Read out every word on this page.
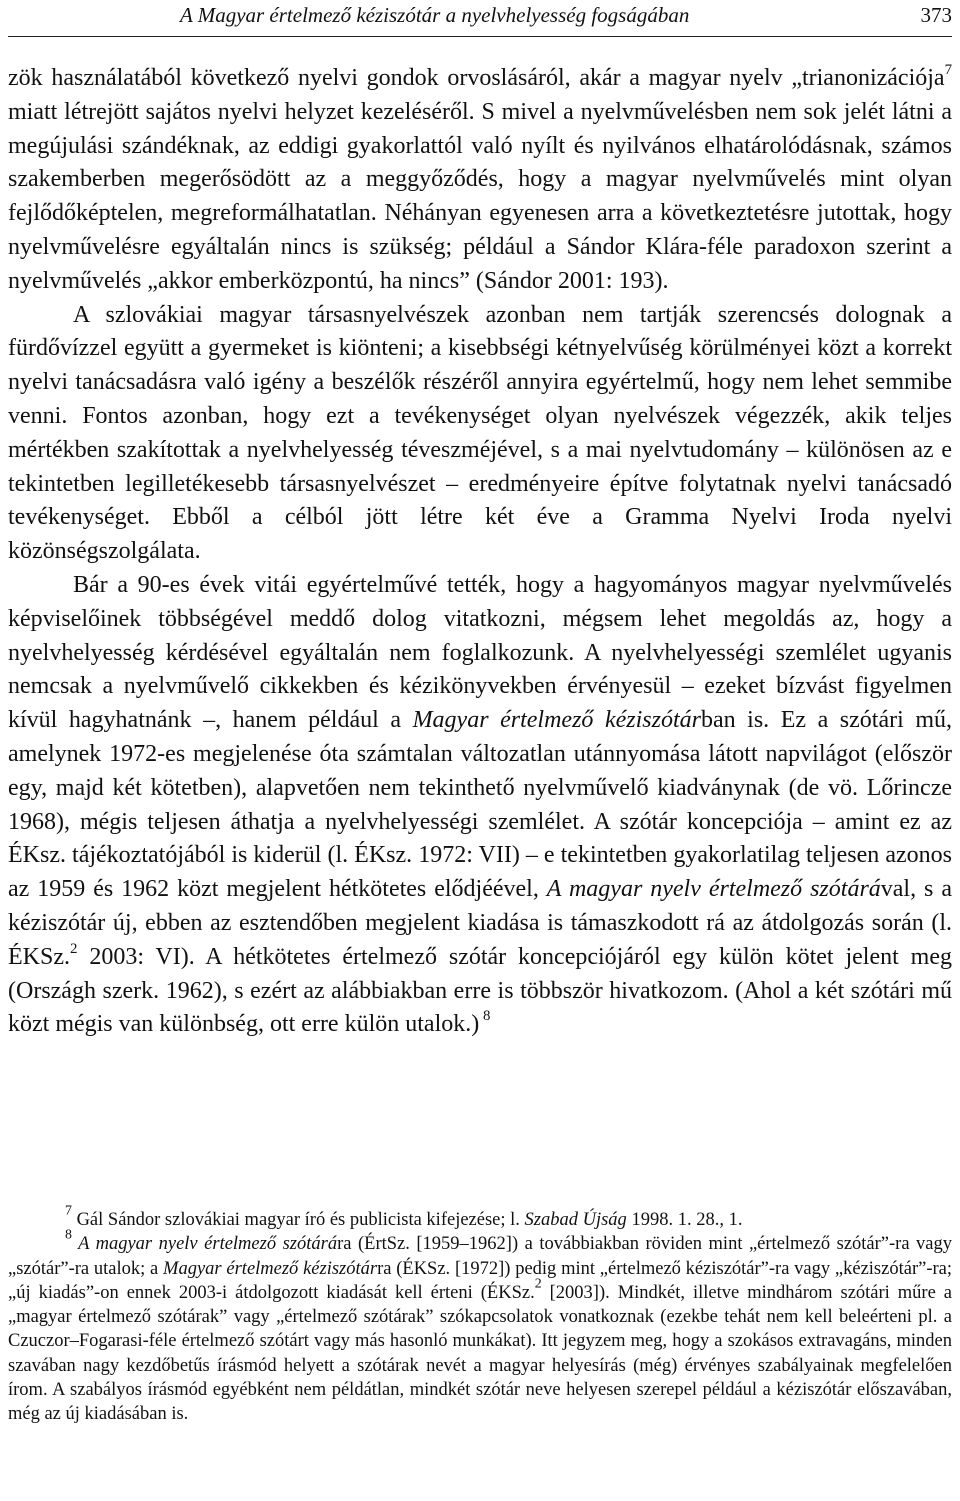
A Magyar értelmező kéziszótár a nyelvhelyesség fogságában	373

zök használatából következő nyelvi gondok orvoslásáról, akár a magyar nyelv „trianonizációja$^7$ miatt létrejött sajátos nyelvi helyzet kezeléséről. S mivel a nyelvművelésben nem sok jelét látni a megújulási szándéknak, az eddigi gyakorlattól való nyílt és nyilvános elhatárolódásnak, számos szakemberben megerősödött az a meggyőződés, hogy a magyar nyelvművelés mint olyan fejlődőképtelen, megreformálhatatlan. Néhányan egyenesen arra a következtetésre jutottak, hogy nyelvművelésre egyáltalán nincs is szükség; például a Sándor Klára-féle paradoxon szerint a nyelvművelés „akkor emberközpontú, ha nincs” (Sándor 2001: 193).

A szlovákiai magyar társasnyelvészek azonban nem tartják szerencsés dolognak a fürdővízzel együtt a gyermeket is kiönteni; a kisebbségi kétnyelvűség körülményei közt a korrekt nyelvi tanácsadásra való igény a beszélők részéről annyira egyértelmű, hogy nem lehet semmibe venni. Fontos azonban, hogy ezt a tevékenységet olyan nyelvészek végezzék, akik teljes mértékben szakítottak a nyelvhelyesség téveszméjével, s a mai nyelvtudomány – különösen az e tekintetben legilletékesebb társasnyelvészet – eredményeire építve folytatnak nyelvi tanácsadó tevékenységet. Ebből a célból jött létre két éve a Gramma Nyelvi Iroda nyelvi közönségszolgálata.

Bár a 90-es évek vitái egyértelművé tették, hogy a hagyományos magyar nyelvművelés képviselőinek többségével meddő dolog vitatkozni, mégsem lehet megoldás az, hogy a nyelvhelyesség kérdésével egyáltalán nem foglalkozunk. A nyelvhelyességi szemlélet ugyanis nemcsak a nyelvművelő cikkekben és kézikönyvekben érvényesül – ezeket bízvást figyelmen kívül hagyhatnánk –, hanem például a Magyar értelmező kéziszótárban is. Ez a szótári mű, amelynek 1972-es megjelenése óta számtalan változatlan utánnyomása látott napvilágot (először egy, majd két kötetben), alapvetően nem tekinthető nyelvművelő kiadványnak (de vö. Lőrincze 1968), mégis teljesen áthatja a nyelvhelyességi szemlélet. A szótár koncepciója – amint ez az ÉKsz. tájékoztatójából is kiderül (l. ÉKsz. 1972: VII) – e tekintetben gyakorlatilag teljesen azonos az 1959 és 1962 közt megjelent hétkötetes elődjéével, A magyar nyelv értelmező szótárával, s a kéziszótár új, ebben az esztendőben megjelent kiadása is támaszkodott rá az átdolgozás során (l. ÉKSz.$^2$ 2003: VI). A hétkötetes értelmező szótár koncepciójáról egy külön kötet jelent meg (Országh szerk. 1962), s ezért az alábbiakban erre is többször hivatkozom. (Ahol a két szótári mű közt mégis van különbség, ott erre külön utalok.) $^8$

$^7$ Gál Sándor szlovákiai magyar író és publicista kifejezése; l. Szabad Újság 1998. 1. 28., 1.

$^8$ A magyar nyelv értelmező szótárára (ÉrtSz. [1959–1962]) a továbbiakban röviden mint „értelmező szótár”-ra vagy „szótár”-ra utalok; a Magyar értelmező kéziszótárra (ÉKSz. [1972]) pedig mint „értelmező kéziszótár”-ra vagy „kéziszótár”-ra; „új kiadás”-on ennek 2003-i átdolgozott kiadását kell érteni (ÉKSz.$^2$ [2003]). Mindkét, illetve mindhárom szótári műre a „magyar értelmező szótárak” vagy „értelmező szótárak” szókapcsolatok vonatkoznak (ezekbe tehát nem kell beleérteni pl. a Czuczor–Fogarasi-féle értelmező szótárt vagy más hasonló munkákat). Itt jegyzem meg, hogy a szokásos extravagáns, minden szavában nagy kezdőbetűs írásmód helyett a szótárak nevét a magyar helyesírás (még) érvényes szabályainak megfelelően írom. A szabályos írásmód egyébként nem példátlan, mindkét szótár neve helyesen szerepel például a kéziszótár előszavában, még az új kiadásában is.
